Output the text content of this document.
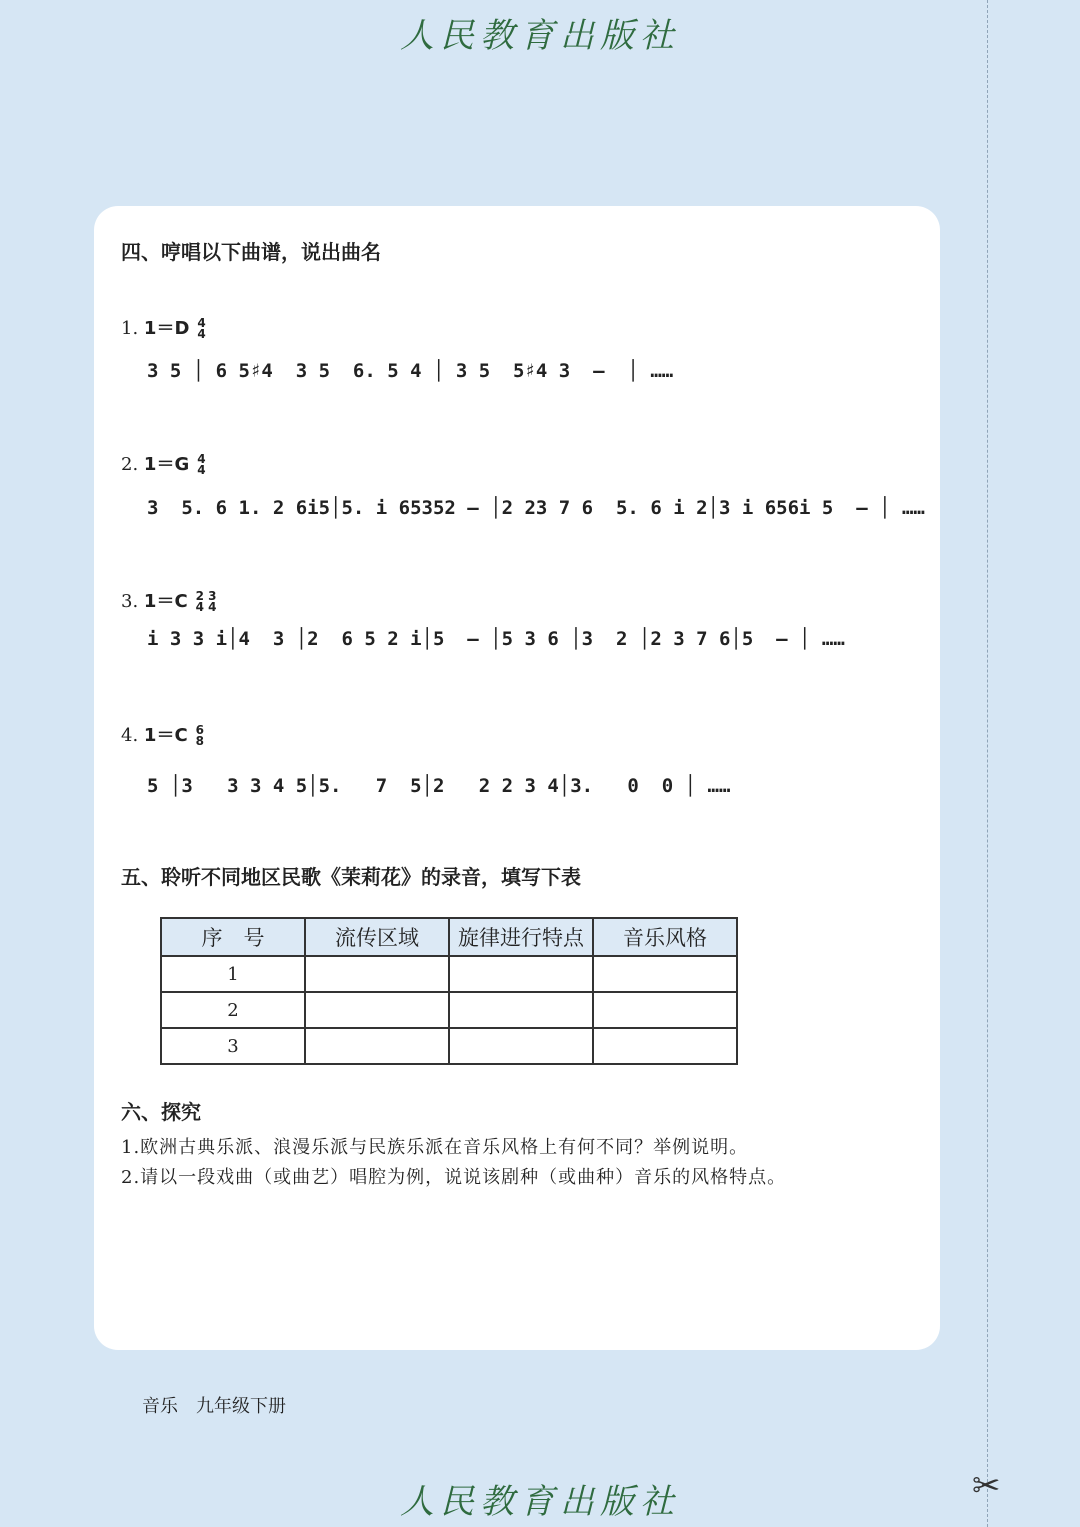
人民教育出版社
✂
四、哼唱以下曲谱，说出曲名
1. 1＝D 4
4
3 5 │ 6 5♯4  3 5  6. 5 4 │ 3 5  5♯4 3  –  │ ……
2. 1＝G 4
4
3  5. 6 1. 2 6i5│5. i 65352 – │2 23 7 6  5. 6 i 2│3 i 656i 5  – │ ……
3. 1＝C 2 3
4 4
i 3 3 i│4  3 │2  6 5 2 i│5  – │5 3 6 │3  2 │2 3 7 6│5  – │ ……
4. 1＝C 6
8
5 │3   3 3 4 5│5.   7  5│2   2 2 3 4│3.   0  0 │ ……
五、聆听不同地区民歌《茉莉花》的录音，填写下表
序　号	流传区域	旋律进行特点	音乐风格
1			
2			
3			
六、探究
1.欧洲古典乐派、浪漫乐派与民族乐派在音乐风格上有何不同？举例说明。
2.请以一段戏曲（或曲艺）唱腔为例，说说该剧种（或曲种）音乐的风格特点。
音乐　九年级下册
人民教育出版社
